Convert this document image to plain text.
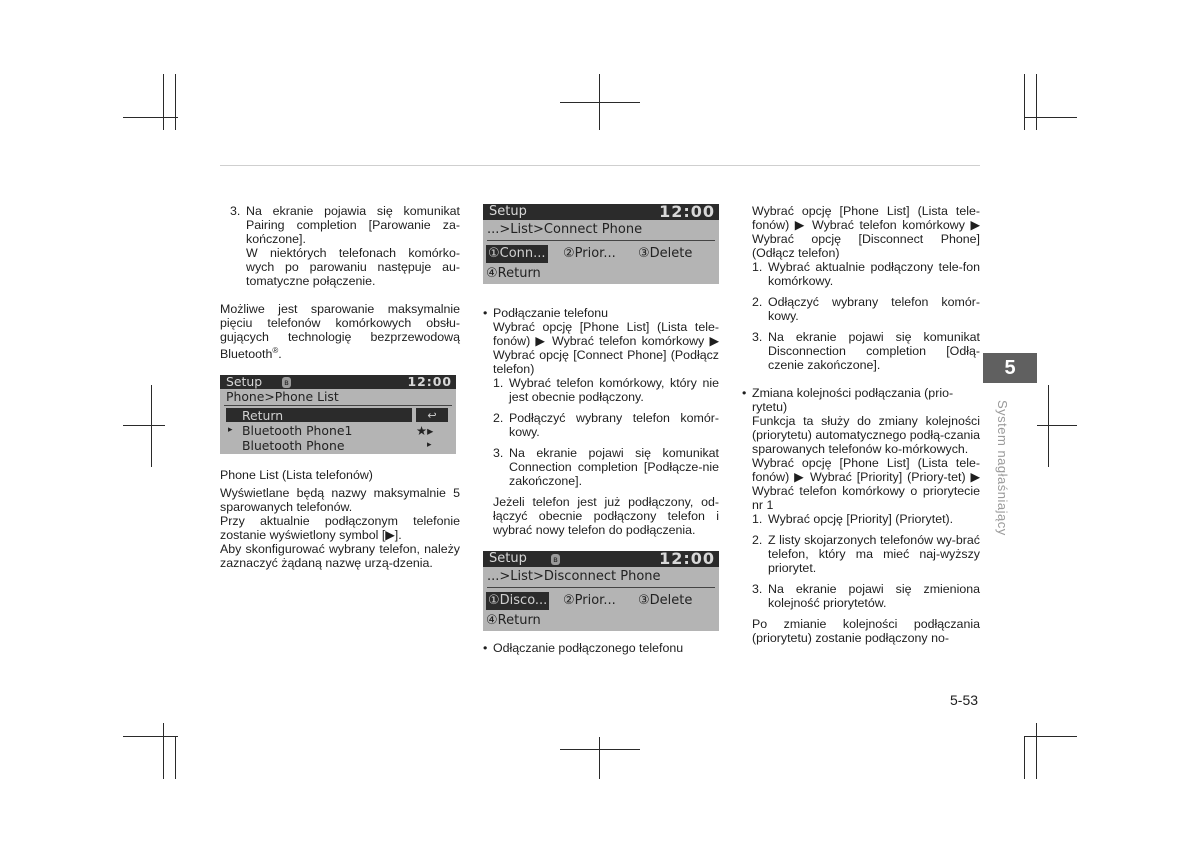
3. Na ekranie pojawia się komunikat Pairing completion [Parowanie za-kończone].

W niektórych telefonach komórko-wych po parowaniu następuje au-tomatyczne połączenie.

Możliwe jest sparowanie maksymalnie pięciu telefonów komórkowych obsłu-gujących technologię bezprzewodową Bluetooth®.

Setup	ʙ	12:00
Phone>Phone List
Return	↩
▸ Bluetooth Phone1	★▸
Bluetooth Phone	▸

Phone List (Lista telefonów)

Wyświetlane będą nazwy maksymalnie 5 sparowanych telefonów.

Przy aktualnie podłączonym telefonie zostanie wyświetlony symbol [▶].

Aby skonfigurować wybrany telefon, należy zaznaczyć żądaną nazwę urzą-dzenia.

Setup	12:00
...>List>Connect Phone
①Conn... ②Prior... ③Delete
④Return
• Podłączanie telefonu

Wybrać opcję [Phone List] (Lista tele-fonów) ▶ Wybrać telefon komórkowy ▶ Wybrać opcję [Connect Phone] (Podłącz telefon)

1. Wybrać telefon komórkowy, który nie jest obecnie podłączony.
2. Podłączyć wybrany telefon komór-kowy.
3. Na ekranie pojawi się komunikat Connection completion [Podłącze-nie zakończone].

Jeżeli telefon jest już podłączony, od-łączyć obecnie podłączony telefon i wybrać nowy telefon do podłączenia.

Setup	ʙ	12:00
...>List>Disconnect Phone
①Disco... ②Prior... ③Delete
④Return
• Odłączanie podłączonego telefonu

Wybrać opcję [Phone List] (Lista tele-fonów) ▶ Wybrać telefon komórkowy ▶ Wybrać opcję [Disconnect Phone] (Odłącz telefon)

1. Wybrać aktualnie podłączony tele-fon komórkowy.
2. Odłączyć wybrany telefon komór-kowy.
3. Na ekranie pojawi się komunikat Disconnection completion [Odłą-czenie zakończone].
• Zmiana kolejności podłączania (prio-rytetu)

Funkcja ta służy do zmiany kolejności (priorytetu) automatycznego podłą-czania sparowanych telefonów ko-mórkowych.

Wybrać opcję [Phone List] (Lista tele-fonów) ▶ Wybrać [Priority] (Priory-tet) ▶ Wybrać telefon komórkowy o priorytecie nr 1

1. Wybrać opcję [Priority] (Priorytet).
2. Z listy skojarzonych telefonów wy-brać telefon, który ma mieć naj-wyższy priorytet.
3. Na ekranie pojawi się zmieniona kolejność priorytetów.

Po zmianie kolejności podłączania (priorytetu) zostanie podłączony no-

5
System nagłaśniający
5-53
